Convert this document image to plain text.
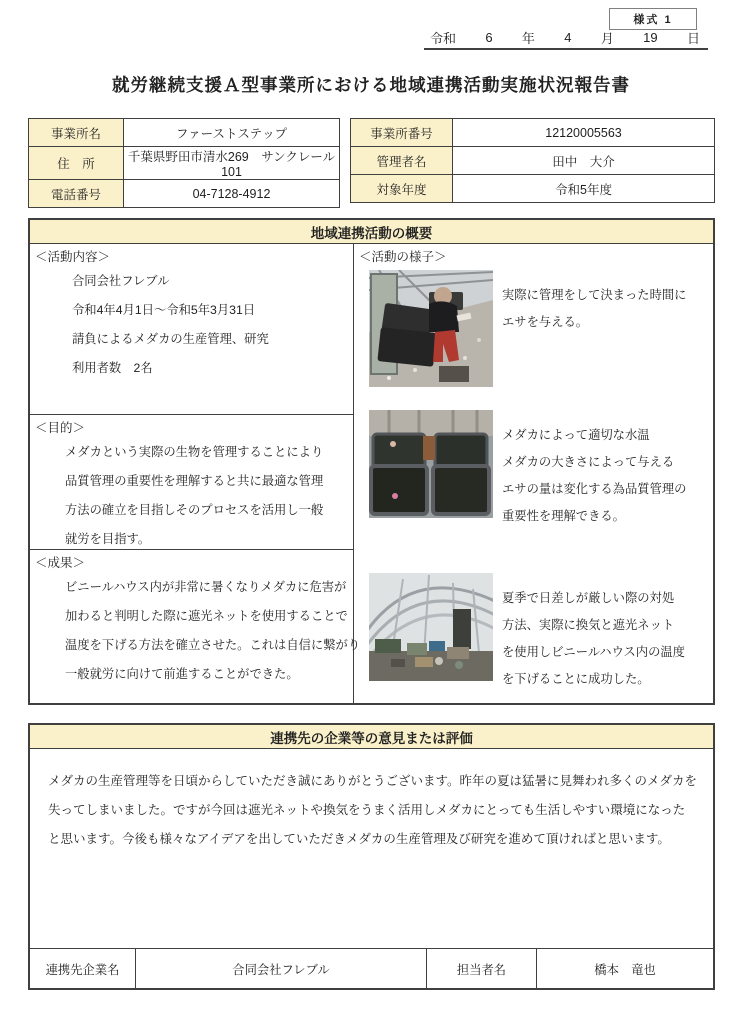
様式 1
令和 6 年 4 月 19 日
就労継続支援Ａ型事業所における地域連携活動実施状況報告書
事業所名	ファーストステップ
住　所	千葉県野田市清水269　サンクレール101
電話番号	04-7128-4912
事業所番号	12120005563
管理者名	田中　大介
対象年度	令和5年度
地域連携活動の概要
＜活動内容＞
合同会社フレブル
令和4年4月1日～令和5年3月31日
請負によるメダカの生産管理、研究
利用者数　2名
＜目的＞
メダカという実際の生物を管理することにより
品質管理の重要性を理解すると共に最適な管理
方法の確立を目指しそのプロセスを活用し一般
就労を目指す。
＜成果＞
ビニールハウス内が非常に暑くなりメダカに危害が
加わると判明した際に遮光ネットを使用することで
温度を下げる方法を確立させた。これは自信に繋がり
一般就労に向けて前進することができた。
＜活動の様子＞
実際に管理をして決まった時間に
エサを与える。
メダカによって適切な水温
メダカの大きさによって与える
エサの量は変化する為品質管理の
重要性を理解できる。
夏季で日差しが厳しい際の対処
方法、実際に換気と遮光ネット
を使用しビニールハウス内の温度
を下げることに成功した。
連携先の企業等の意見または評価
メダカの生産管理等を日頃からしていただき誠にありがとうございます。昨年の夏は猛暑に見舞われ多くのメダカを失ってしまいました。ですが今回は遮光ネットや換気をうまく活用しメダカにとっても生活しやすい環境になったと思います。今後も様々なアイデアを出していただきメダカの生産管理及び研究を進めて頂ければと思います。
連携先企業名	合同会社フレブル	担当者名	橋本　竜也
